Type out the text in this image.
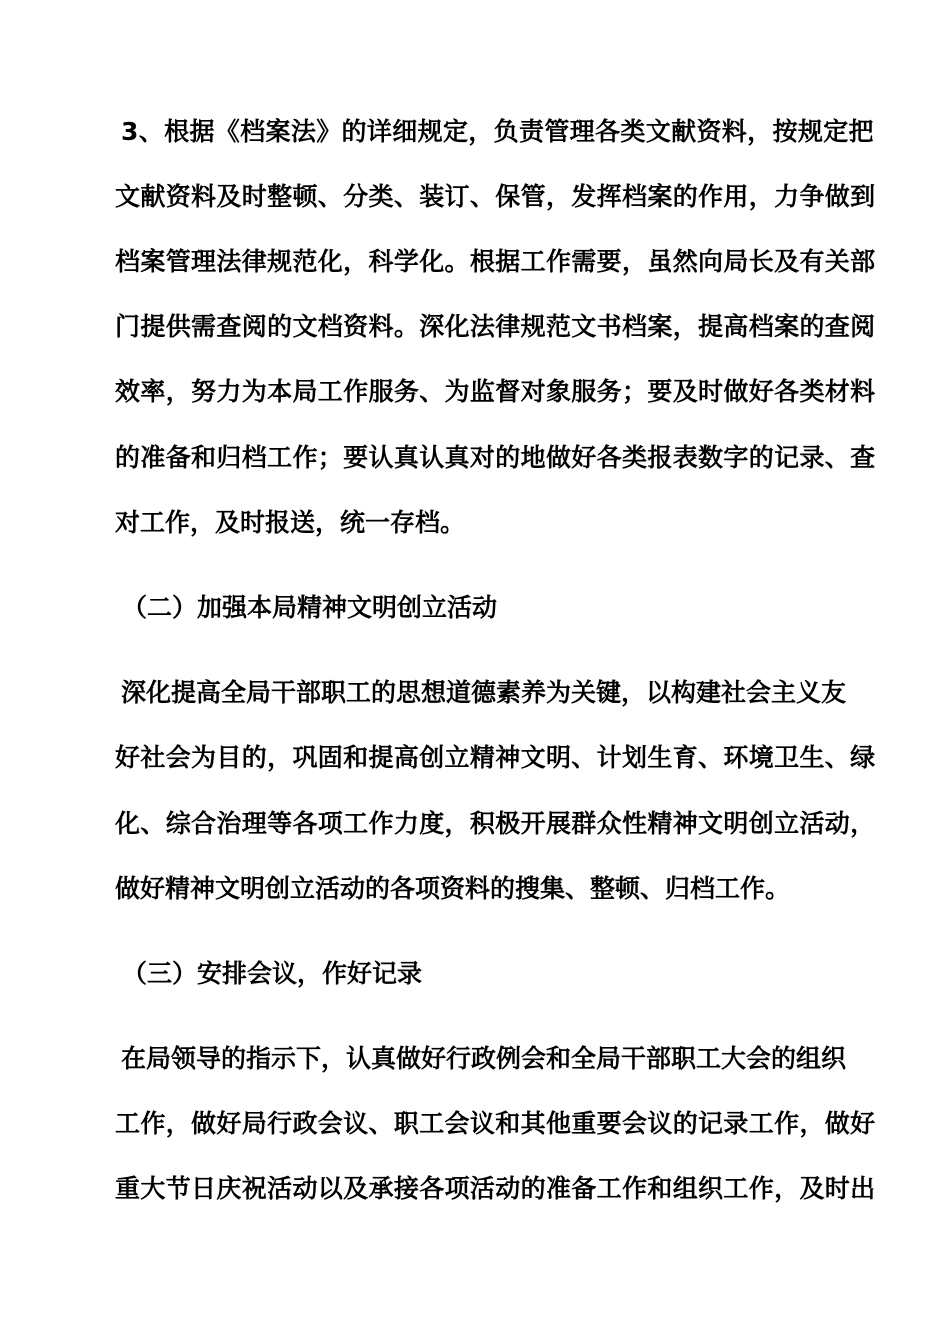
3、根据《档案法》的详细规定，负责管理各类文献资料，按规定把
文献资料及时整顿、分类、装订、保管，发挥档案的作用，力争做到
档案管理法律规范化，科学化。根据工作需要，虽然向局长及有关部
门提供需查阅的文档资料。深化法律规范文书档案，提高档案的查阅
效率，努力为本局工作服务、为监督对象服务；要及时做好各类材料
的准备和归档工作；要认真认真对的地做好各类报表数字的记录、查
对工作，及时报送，统一存档。
（二）加强本局精神文明创立活动
深化提高全局干部职工的思想道德素养为关键，以构建社会主义友
好社会为目的，巩固和提高创立精神文明、计划生育、环境卫生、绿
化、综合治理等各项工作力度，积极开展群众性精神文明创立活动，
做好精神文明创立活动的各项资料的搜集、整顿、归档工作。
（三）安排会议，作好记录
在局领导的指示下，认真做好行政例会和全局干部职工大会的组织
工作，做好局行政会议、职工会议和其他重要会议的记录工作，做好
重大节日庆祝活动以及承接各项活动的准备工作和组织工作，及时出
